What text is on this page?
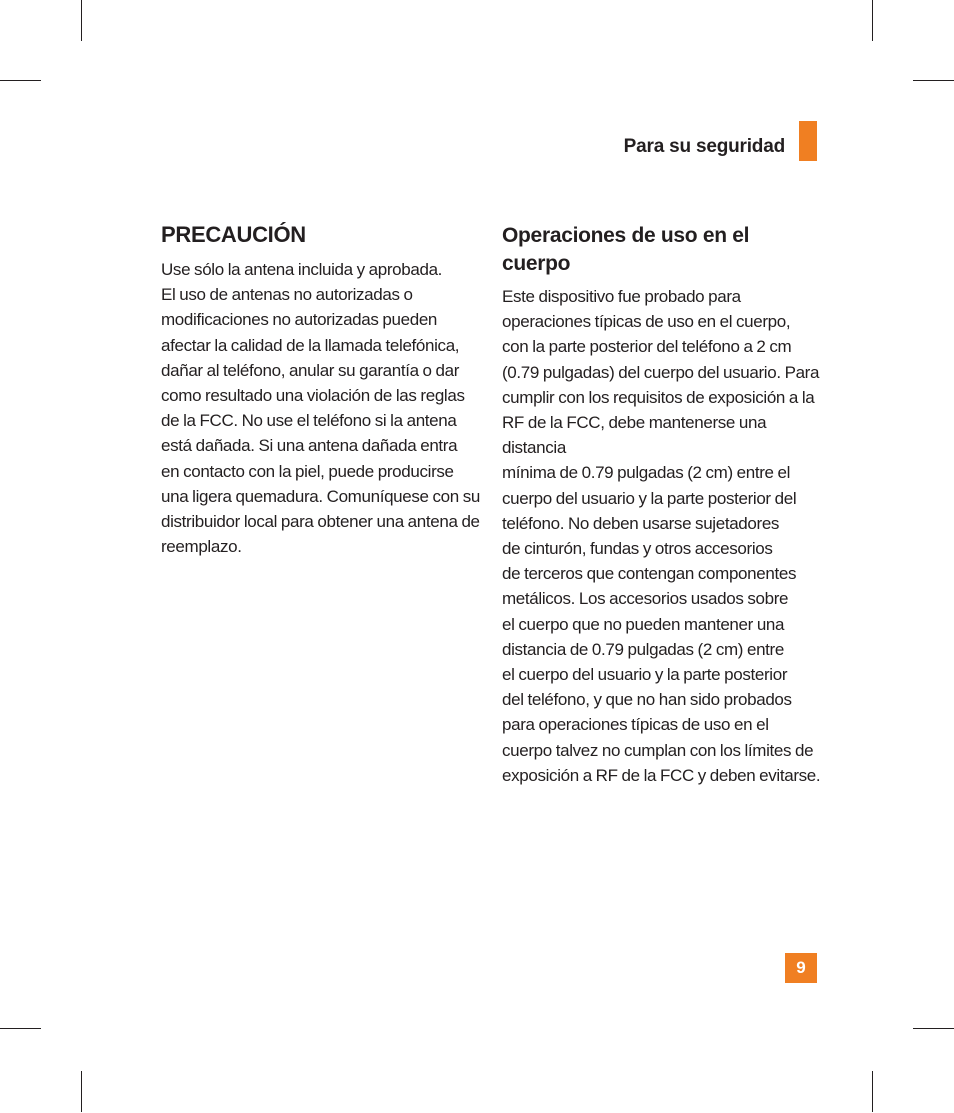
Para su seguridad
PRECAUCIÓN

Use sólo la antena incluida y aprobada.
El uso de antenas no autorizadas o
modificaciones no autorizadas pueden
afectar la calidad de la llamada telefónica,
dañar al teléfono, anular su garantía o dar
como resultado una violación de las reglas
de la FCC. No use el teléfono si la antena
está dañada. Si una antena dañada entra
en contacto con la piel, puede producirse
una ligera quemadura. Comuníquese con su
distribuidor local para obtener una antena de
reemplazo.

Operaciones de uso en el cuerpo

Este dispositivo fue probado para
operaciones típicas de uso en el cuerpo,
con la parte posterior del teléfono a 2 cm
(0.79 pulgadas) del cuerpo del usuario. Para
cumplir con los requisitos de exposición a la
RF de la FCC, debe mantenerse una distancia
mínima de 0.79 pulgadas (2 cm) entre el
cuerpo del usuario y la parte posterior del
teléfono. No deben usarse sujetadores
de cinturón, fundas y otros accesorios
de terceros que contengan componentes
metálicos. Los accesorios usados sobre
el cuerpo que no pueden mantener una
distancia de 0.79 pulgadas (2 cm) entre
el cuerpo del usuario y la parte posterior
del teléfono, y que no han sido probados
para operaciones típicas de uso en el
cuerpo talvez no cumplan con los límites de
exposición a RF de la FCC y deben evitarse.

9
